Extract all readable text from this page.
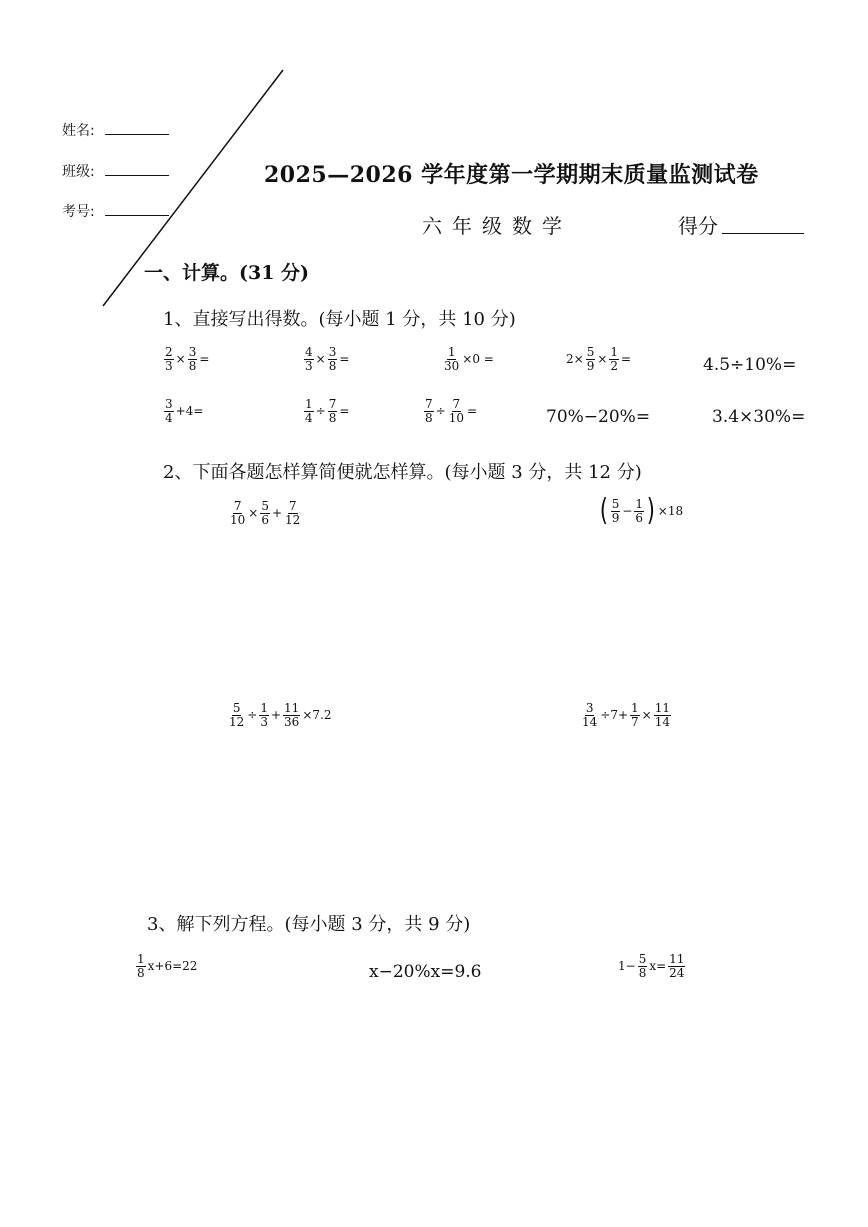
姓名:
班级:
考号:
2025—2026 学年度第一学期期末质量监测试卷
六年级数学	得分
一、计算。(31 分)
1、直接写出得数。(每小题 1 分，共 10 分)
$\frac{2}{3} \times \frac{3}{8}$ =	$\frac{4}{3} \times \frac{3}{8}$ =	$\frac{1}{30} \times 0$ =	$2\times \frac{5}{9} \times \frac{1}{2}$ =	4.5÷10%=
$\frac{3}{4} +4=$	$\frac{1}{4} \div \frac{7}{8}$ =	$\frac{7}{8} \div \frac{7}{10}$ =	70%−20%=	3.4×30%=
2、下面各题怎样算简便就怎样算。(每小题 3 分，共 12 分)
$\frac{7}{10} \times \frac{5}{6} + \frac{7}{12}$	( $\frac{5}{9} - \frac{1}{6}$ ) ×18
$\frac{5}{12} \div \frac{1}{3} + \frac{11}{36} \times 7.2$	$\frac{3}{14} \div 7+ \frac{1}{7} \times \frac{11}{14}$
3、解下列方程。(每小题 3 分，共 9 分)
$\frac{1}{8} x+6=22$	x−20%x=9.6	$1- \frac{5}{8} x= \frac{11}{24}$
